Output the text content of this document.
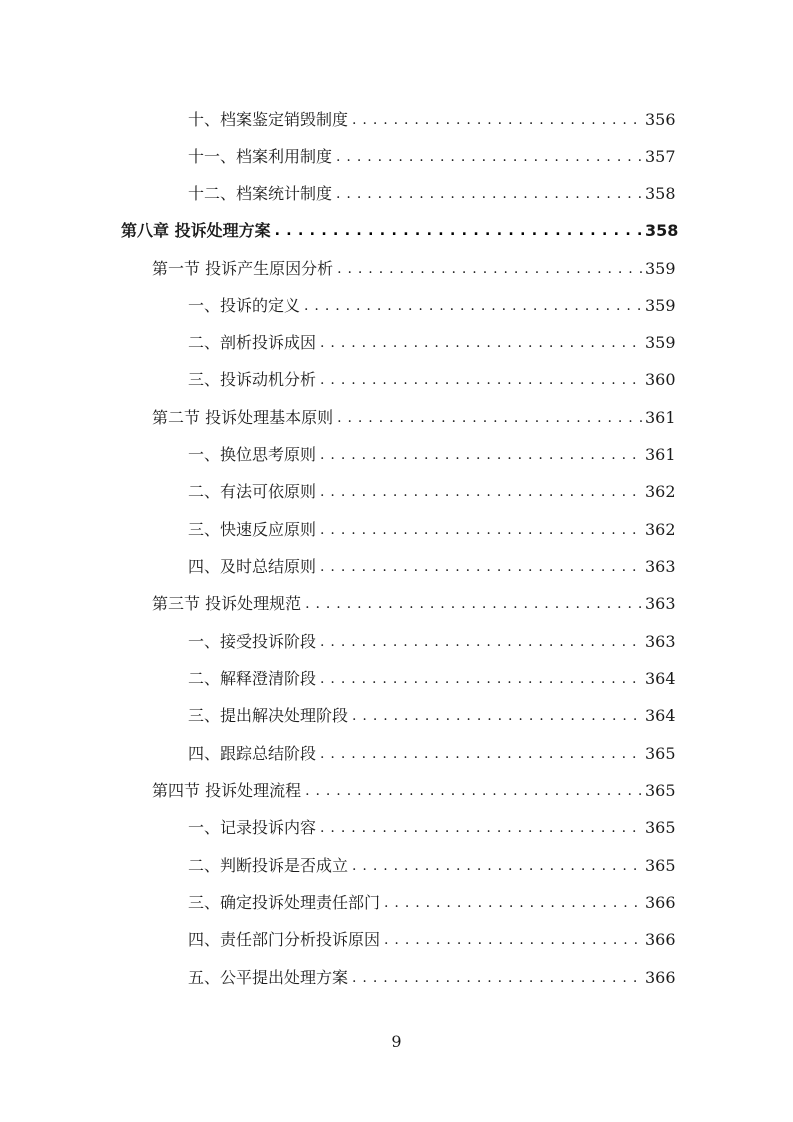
十、档案鉴定销毁制度 . . .	356
十一、档案利用制度 . . .	357
十二、档案统计制度 . . .	358
第八章 投诉处理方案 . . .	358
第一节 投诉产生原因分析 . . .	359
一、投诉的定义 . . .	359
二、剖析投诉成因 . . .	359
三、投诉动机分析 . . .	360
第二节 投诉处理基本原则 . . .	361
一、换位思考原则 . . .	361
二、有法可依原则 . . .	362
三、快速反应原则 . . .	362
四、及时总结原则 . . .	363
第三节 投诉处理规范 . . .	363
一、接受投诉阶段 . . .	363
二、解释澄清阶段 . . .	364
三、提出解决处理阶段 . . .	364
四、跟踪总结阶段 . . .	365
第四节 投诉处理流程 . . .	365
一、记录投诉内容 . . .	365
二、判断投诉是否成立 . . .	365
三、确定投诉处理责任部门 . . .	366
四、责任部门分析投诉原因 . . .	366
五、公平提出处理方案 . . .	366
9
